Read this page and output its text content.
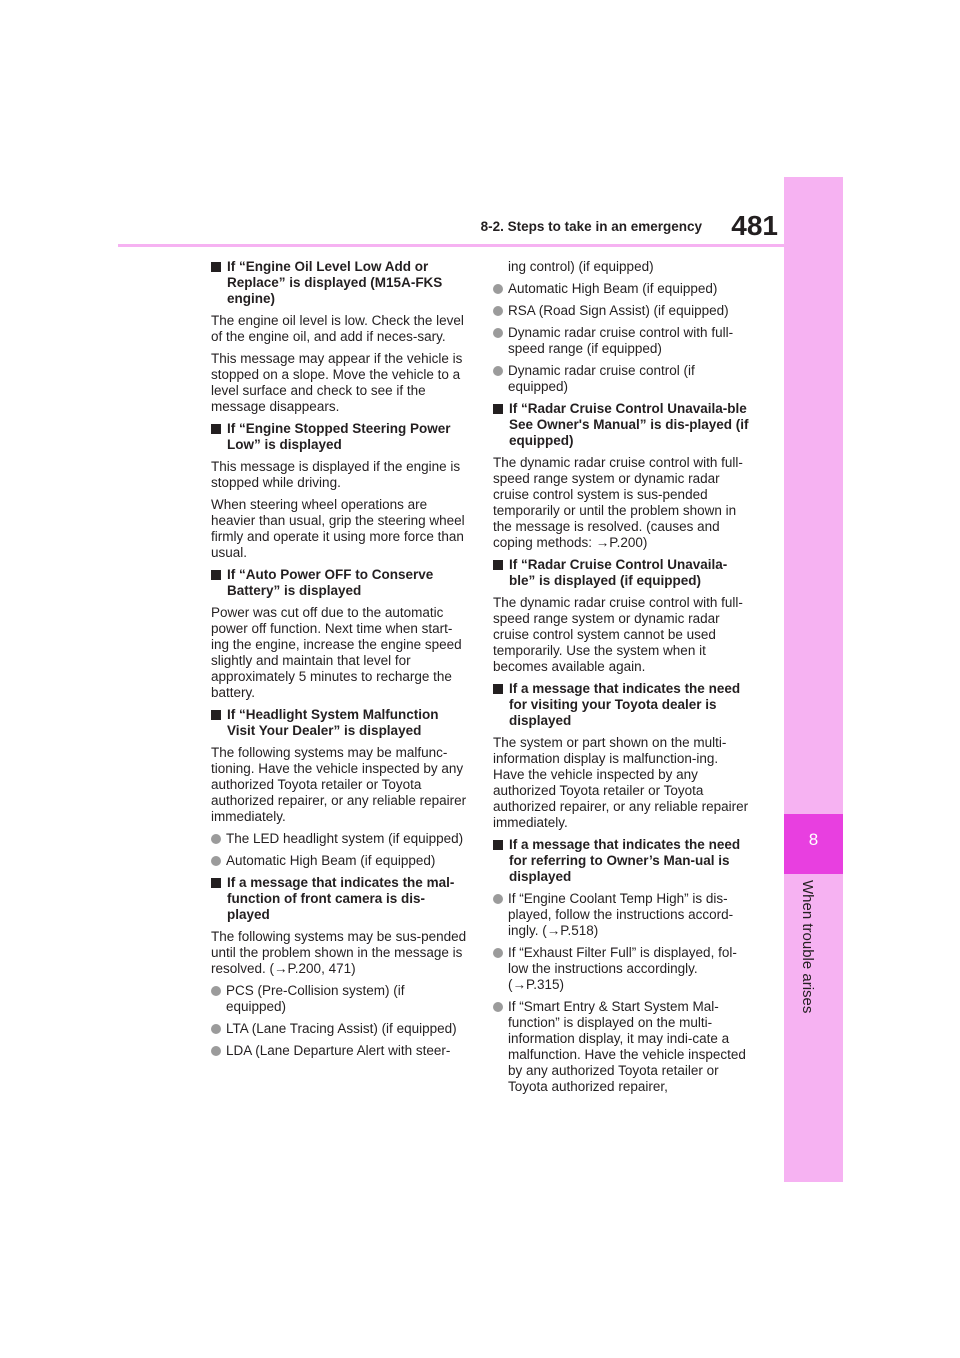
8
When trouble arises
8-2. Steps to take in an emergency	481
If “Engine Oil Level Low Add or Replace” is displayed (M15A-FKS engine)
The engine oil level is low. Check the level of the engine oil, and add if neces-sary.
This message may appear if the vehicle is stopped on a slope. Move the vehicle to a level surface and check to see if the message disappears.
If “Engine Stopped Steering Power Low” is displayed
This message is displayed if the engine is stopped while driving.
When steering wheel operations are heavier than usual, grip the steering wheel firmly and operate it using more force than usual.
If “Auto Power OFF to Conserve Battery” is displayed
Power was cut off due to the automatic power off function. Next time when start-ing the engine, increase the engine speed slightly and maintain that level for approximately 5 minutes to recharge the battery.
If “Headlight System Malfunction Visit Your Dealer” is displayed
The following systems may be malfunc-tioning. Have the vehicle inspected by any authorized Toyota retailer or Toyota authorized repairer, or any reliable repairer immediately.
The LED headlight system (if equipped)
Automatic High Beam (if equipped)
If a message that indicates the mal-function of front camera is dis-played
The following systems may be sus-pended until the problem shown in the message is resolved. (→P.200, 471)
PCS (Pre-Collision system) (if equipped)
LTA (Lane Tracing Assist) (if equipped)
LDA (Lane Departure Alert with steer-
ing control) (if equipped)
Automatic High Beam (if equipped)
RSA (Road Sign Assist) (if equipped)
Dynamic radar cruise control with full-speed range (if equipped)
Dynamic radar cruise control (if equipped)
If “Radar Cruise Control Unavaila-ble See Owner's Manual” is dis-played (if equipped)
The dynamic radar cruise control with full-speed range system or dynamic radar cruise control system is sus-pended temporarily or until the problem shown in the message is resolved. (causes and coping methods: →P.200)
If “Radar Cruise Control Unavaila-ble” is displayed (if equipped)
The dynamic radar cruise control with full-speed range system or dynamic radar cruise control system cannot be used temporarily. Use the system when it becomes available again.
If a message that indicates the need for visiting your Toyota dealer is displayed
The system or part shown on the multi-information display is malfunction-ing. Have the vehicle inspected by any authorized Toyota retailer or Toyota authorized repairer, or any reliable repairer immediately.
If a message that indicates the need for referring to Owner’s Man-ual is displayed
If “Engine Coolant Temp High” is dis-played, follow the instructions accord-ingly. (→P.518)
If “Exhaust Filter Full” is displayed, fol-low the instructions accordingly. (→P.315)
If “Smart Entry & Start System Mal-function” is displayed on the multi-information display, it may indi-cate a malfunction. Have the vehicle inspected by any authorized Toyota retailer or Toyota authorized repairer,
